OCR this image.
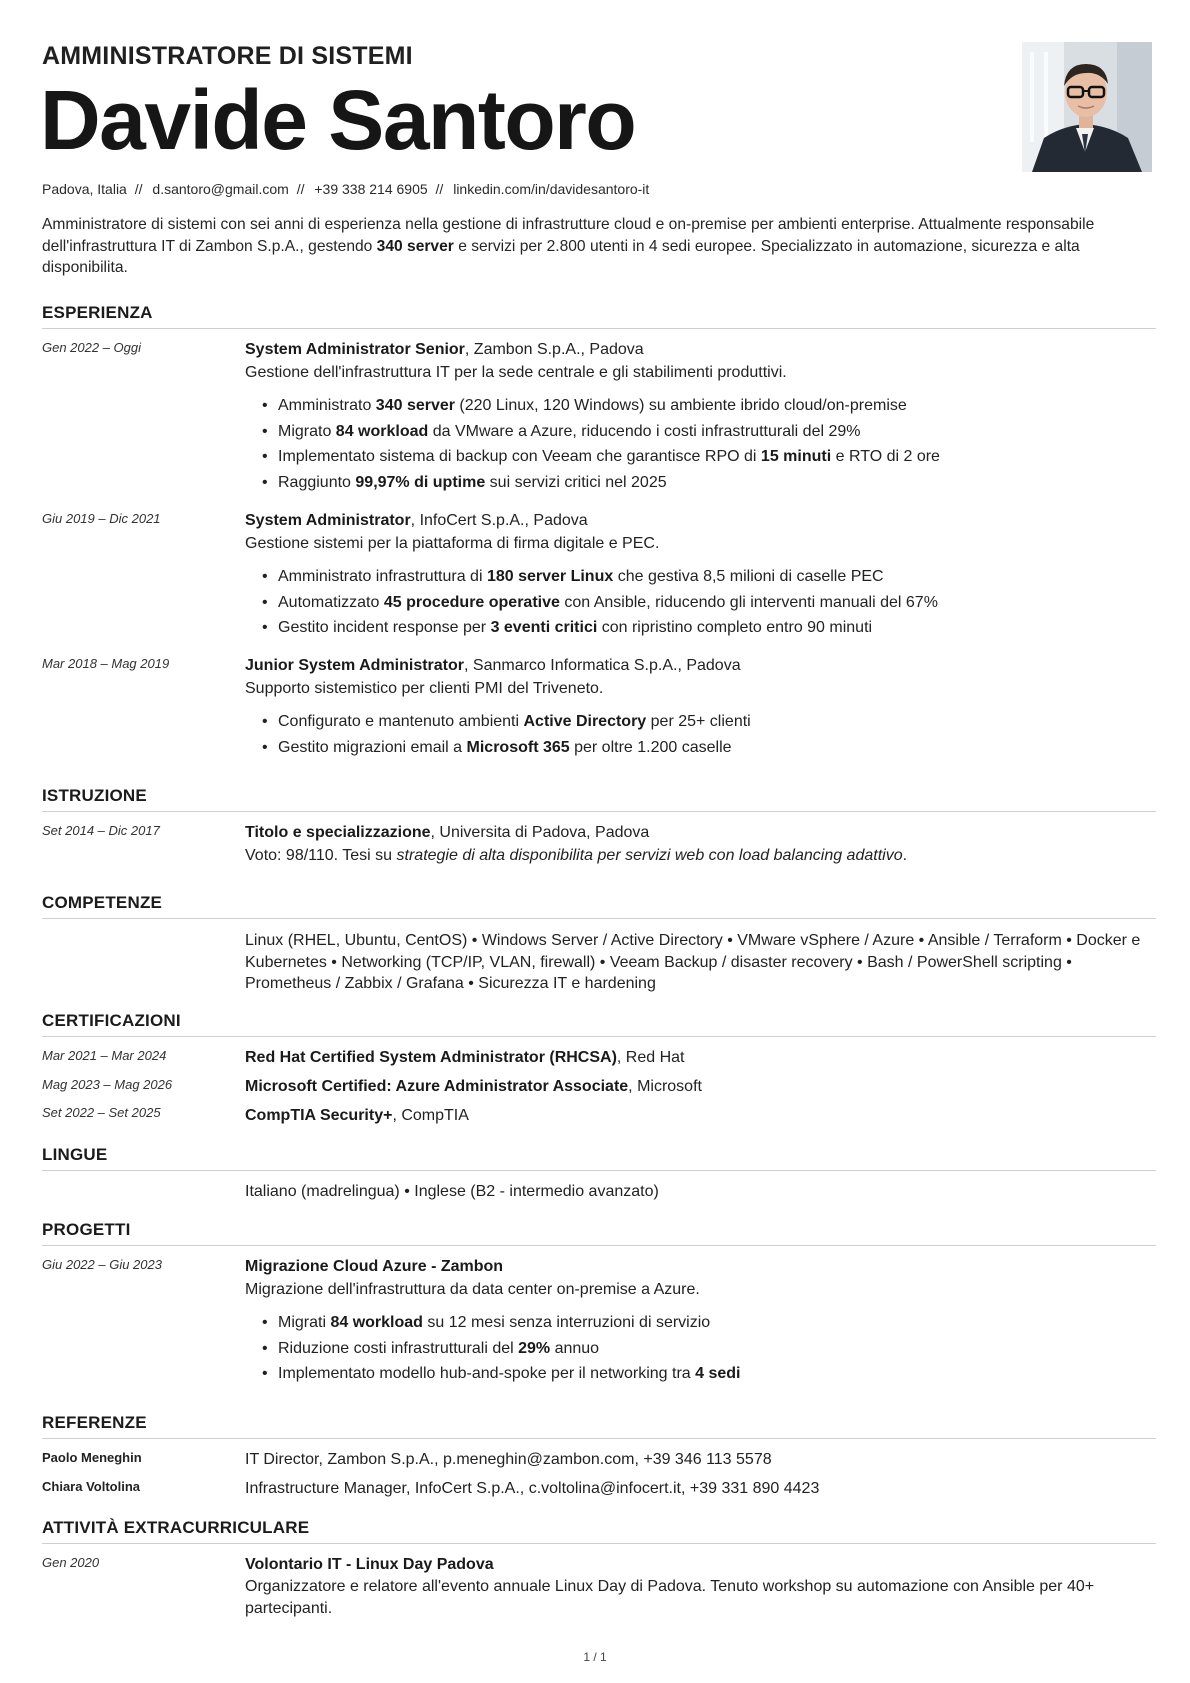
AMMINISTRATORE DI SISTEMI
Davide Santoro
Padova, Italia // d.santoro@gmail.com // +39 338 214 6905 // linkedin.com/in/davidesantoro-it
Amministratore di sistemi con sei anni di esperienza nella gestione di infrastrutture cloud e on-premise per ambienti enterprise. Attualmente responsabile dell'infrastruttura IT di Zambon S.p.A., gestendo 340 server e servizi per 2.800 utenti in 4 sedi europee. Specializzato in automazione, sicurezza e alta disponibilita.
ESPERIENZA
Gen 2022 – Oggi	System Administrator Senior, Zambon S.p.A., Padova
Gestione dell'infrastruttura IT per la sede centrale e gli stabilimenti produttivi.
• Amministrato 340 server (220 Linux, 120 Windows) su ambiente ibrido cloud/on-premise
• Migrato 84 workload da VMware a Azure, riducendo i costi infrastrutturali del 29%
• Implementato sistema di backup con Veeam che garantisce RPO di 15 minuti e RTO di 2 ore
• Raggiunto 99,97% di uptime sui servizi critici nel 2025
Giu 2019 – Dic 2021	System Administrator, InfoCert S.p.A., Padova
Gestione sistemi per la piattaforma di firma digitale e PEC.
• Amministrato infrastruttura di 180 server Linux che gestiva 8,5 milioni di caselle PEC
• Automatizzato 45 procedure operative con Ansible, riducendo gli interventi manuali del 67%
• Gestito incident response per 3 eventi critici con ripristino completo entro 90 minuti
Mar 2018 – Mag 2019	Junior System Administrator, Sanmarco Informatica S.p.A., Padova
Supporto sistemistico per clienti PMI del Triveneto.
• Configurato e mantenuto ambienti Active Directory per 25+ clienti
• Gestito migrazioni email a Microsoft 365 per oltre 1.200 caselle
ISTRUZIONE
Set 2014 – Dic 2017	Titolo e specializzazione, Universita di Padova, Padova
Voto: 98/110. Tesi su strategie di alta disponibilita per servizi web con load balancing adattivo.
COMPETENZE
Linux (RHEL, Ubuntu, CentOS) • Windows Server / Active Directory • VMware vSphere / Azure • Ansible / Terraform • Docker e Kubernetes • Networking (TCP/IP, VLAN, firewall) • Veeam Backup / disaster recovery • Bash / PowerShell scripting • Prometheus / Zabbix / Grafana • Sicurezza IT e hardening
CERTIFICAZIONI
Mar 2021 – Mar 2024	Red Hat Certified System Administrator (RHCSA), Red Hat
Mag 2023 – Mag 2026	Microsoft Certified: Azure Administrator Associate, Microsoft
Set 2022 – Set 2025	CompTIA Security+, CompTIA
LINGUE
Italiano (madrelingua) • Inglese (B2 - intermedio avanzato)
PROGETTI
Giu 2022 – Giu 2023	Migrazione Cloud Azure - Zambon
Migrazione dell'infrastruttura da data center on-premise a Azure.
• Migrati 84 workload su 12 mesi senza interruzioni di servizio
• Riduzione costi infrastrutturali del 29% annuo
• Implementato modello hub-and-spoke per il networking tra 4 sedi
REFERENZE
Paolo Meneghin	IT Director, Zambon S.p.A., p.meneghin@zambon.com, +39 346 113 5578
Chiara Voltolina	Infrastructure Manager, InfoCert S.p.A., c.voltolina@infocert.it, +39 331 890 4423
ATTIVITÀ EXTRACURRICULARE
Gen 2020	Volontario IT - Linux Day Padova
Organizzatore e relatore all'evento annuale Linux Day di Padova. Tenuto workshop su automazione con Ansible per 40+ partecipanti.
1 / 1
